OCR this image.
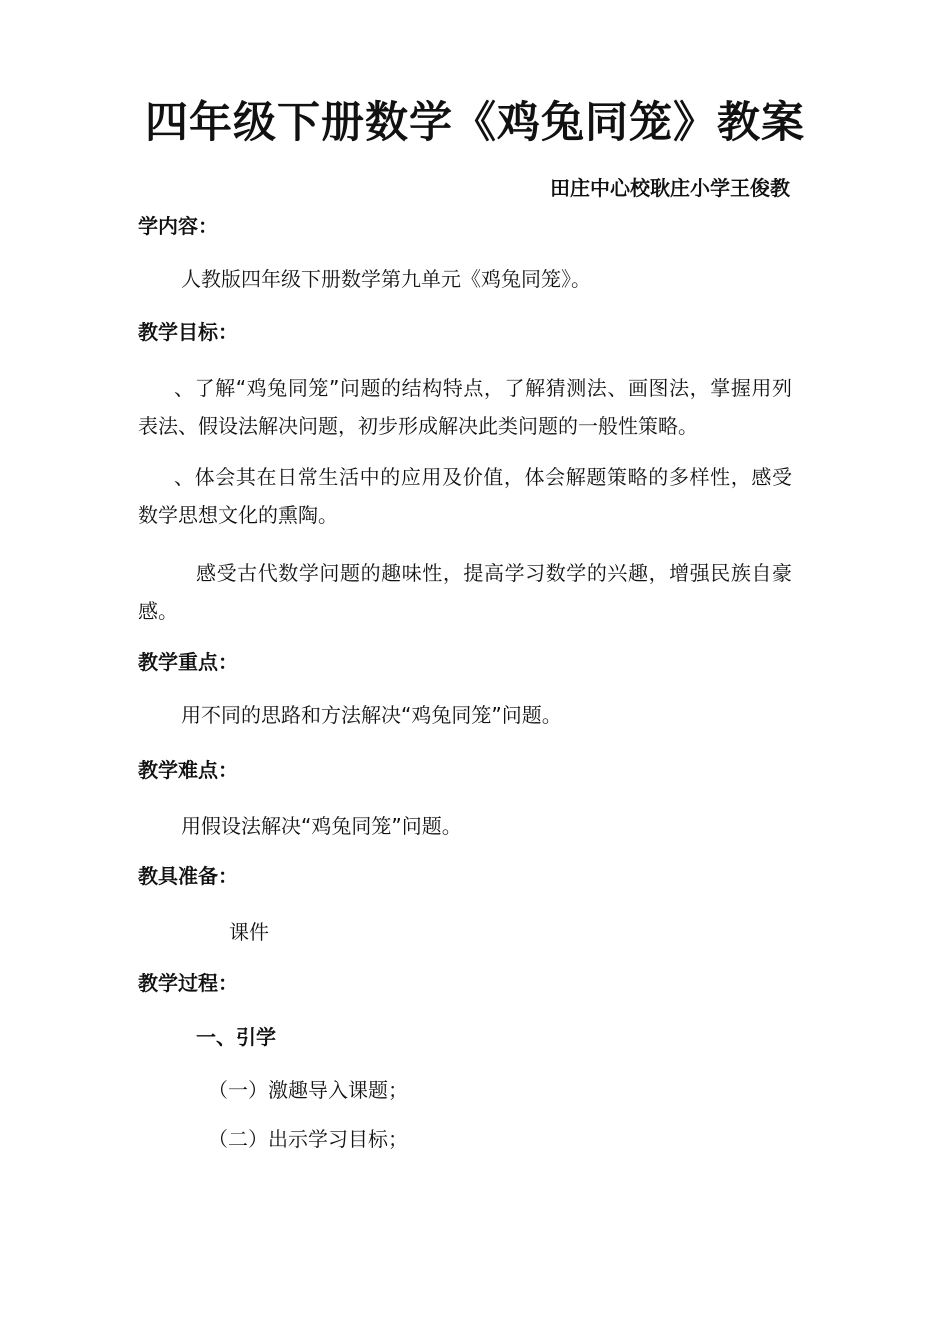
四年级下册数学《鸡兔同笼》教案
田庄中心校耿庄小学王俊教
学内容：
人教版四年级下册数学第九单元《鸡兔同笼》。
教学目标：
、了解“鸡兔同笼”问题的结构特点，了解猜测法、画图法，掌握用列表法、假设法解决问题，初步形成解决此类问题的一般性策略。
、体会其在日常生活中的应用及价值，体会解题策略的多样性，感受数学思想文化的熏陶。
感受古代数学问题的趣味性，提高学习数学的兴趣，增强民族自豪感。
教学重点：
用不同的思路和方法解决“鸡兔同笼”问题。
教学难点：
用假设法解决“鸡兔同笼”问题。
教具准备：
课件
教学过程：
一、引学
（一）激趣导入课题；
（二）出示学习目标；
